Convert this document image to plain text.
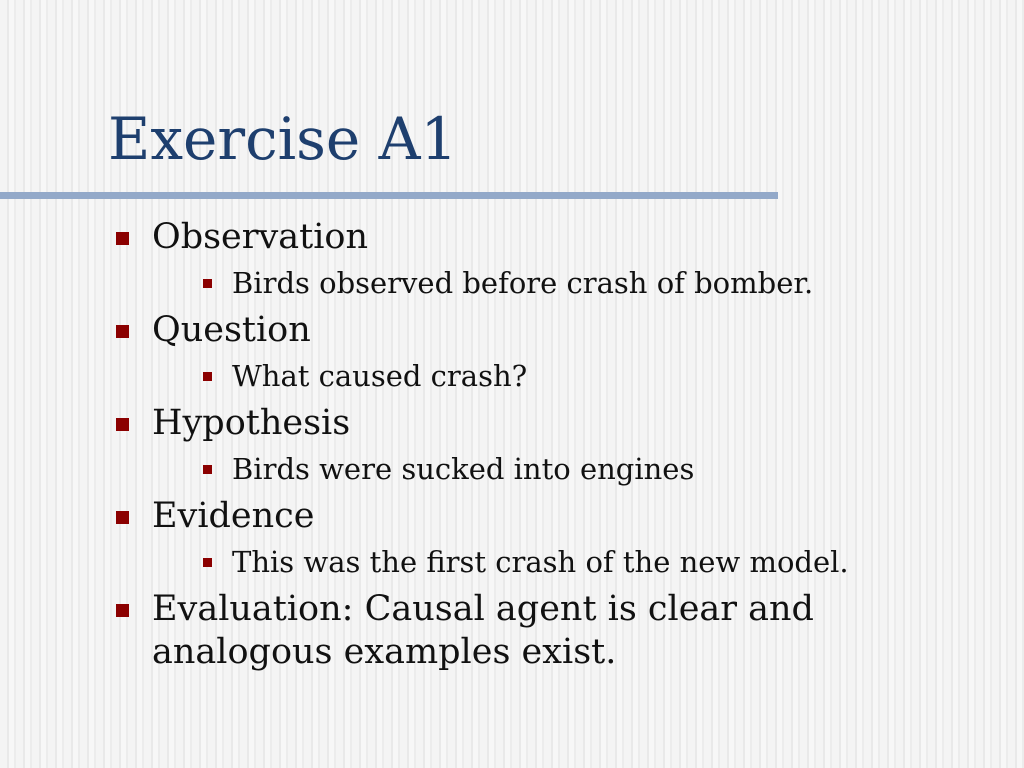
Exercise A1
Observation
Birds observed before crash of bomber.
Question
What caused crash?
Hypothesis
Birds were sucked into engines
Evidence
This was the first crash of the new model.
Evaluation: Causal agent is clear and analogous examples exist.
